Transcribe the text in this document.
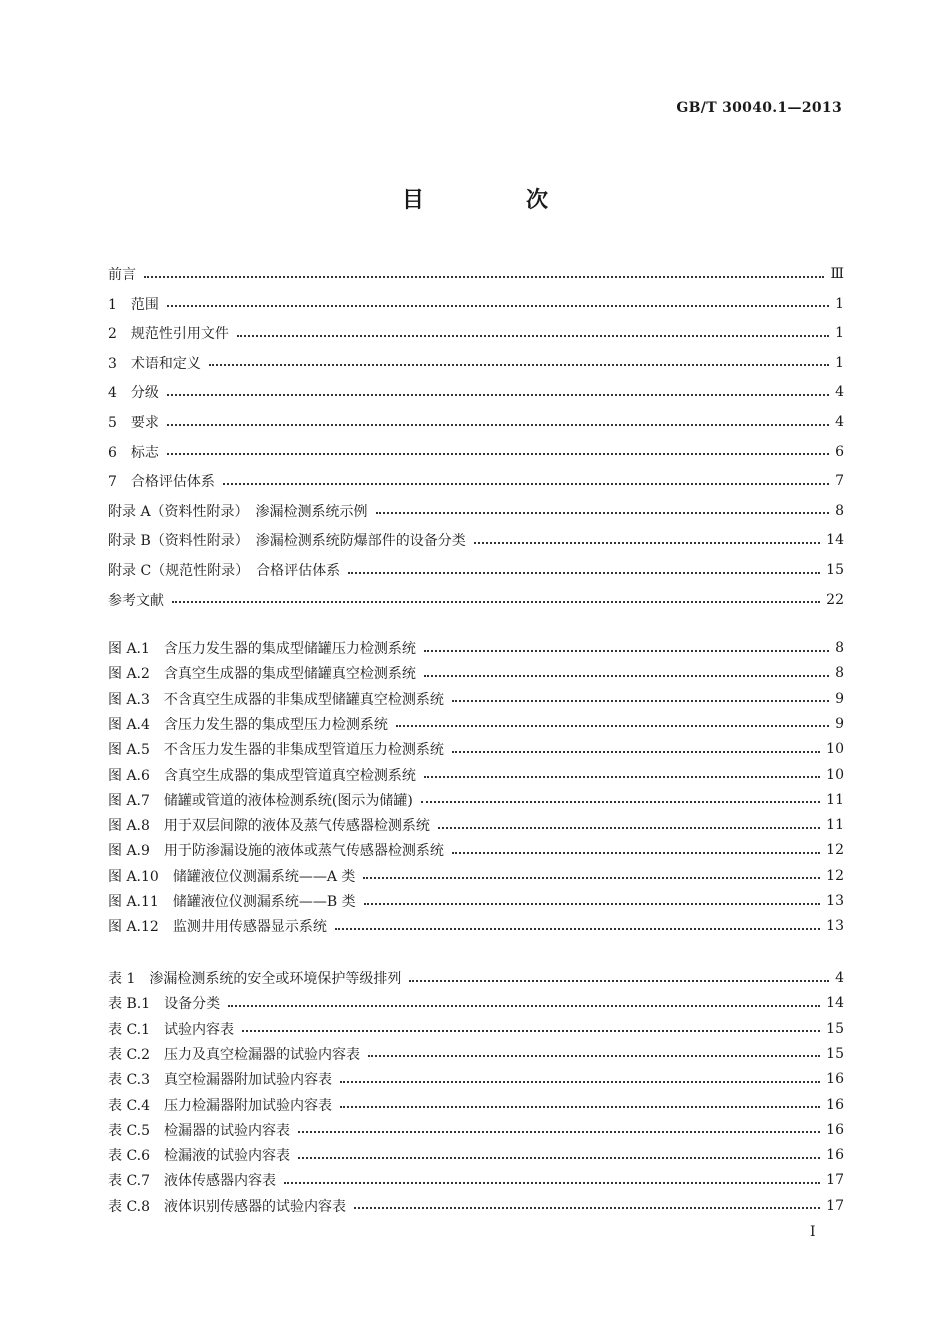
GB/T 30040.1—2013
目　次
前言	Ⅲ
1　范围	1
2　规范性引用文件	1
3　术语和定义	1
4　分级	4
5　要求	4
6　标志	6
7　合格评估体系	7
附录 A（资料性附录）　渗漏检测系统示例	8
附录 B（资料性附录）　渗漏检测系统防爆部件的设备分类	14
附录 C（规范性附录）　合格评估体系	15
参考文献	22
图 A.1　含压力发生器的集成型储罐压力检测系统	8
图 A.2　含真空生成器的集成型储罐真空检测系统	8
图 A.3　不含真空生成器的非集成型储罐真空检测系统	9
图 A.4　含压力发生器的集成型压力检测系统	9
图 A.5　不含压力发生器的非集成型管道压力检测系统	10
图 A.6　含真空生成器的集成型管道真空检测系统	10
图 A.7　储罐或管道的液体检测系统(图示为储罐)	11
图 A.8　用于双层间隙的液体及蒸气传感器检测系统	11
图 A.9　用于防渗漏设施的液体或蒸气传感器检测系统	12
图 A.10　储罐液位仪测漏系统——A 类	12
图 A.11　储罐液位仪测漏系统——B 类	13
图 A.12　监测井用传感器显示系统	13
表 1　渗漏检测系统的安全或环境保护等级排列	4
表 B.1　设备分类	14
表 C.1　试验内容表	15
表 C.2　压力及真空检漏器的试验内容表	15
表 C.3　真空检漏器附加试验内容表	16
表 C.4　压力检漏器附加试验内容表	16
表 C.5　检漏器的试验内容表	16
表 C.6　检漏液的试验内容表	16
表 C.7　液体传感器内容表	17
表 C.8　液体识别传感器的试验内容表	17
I
